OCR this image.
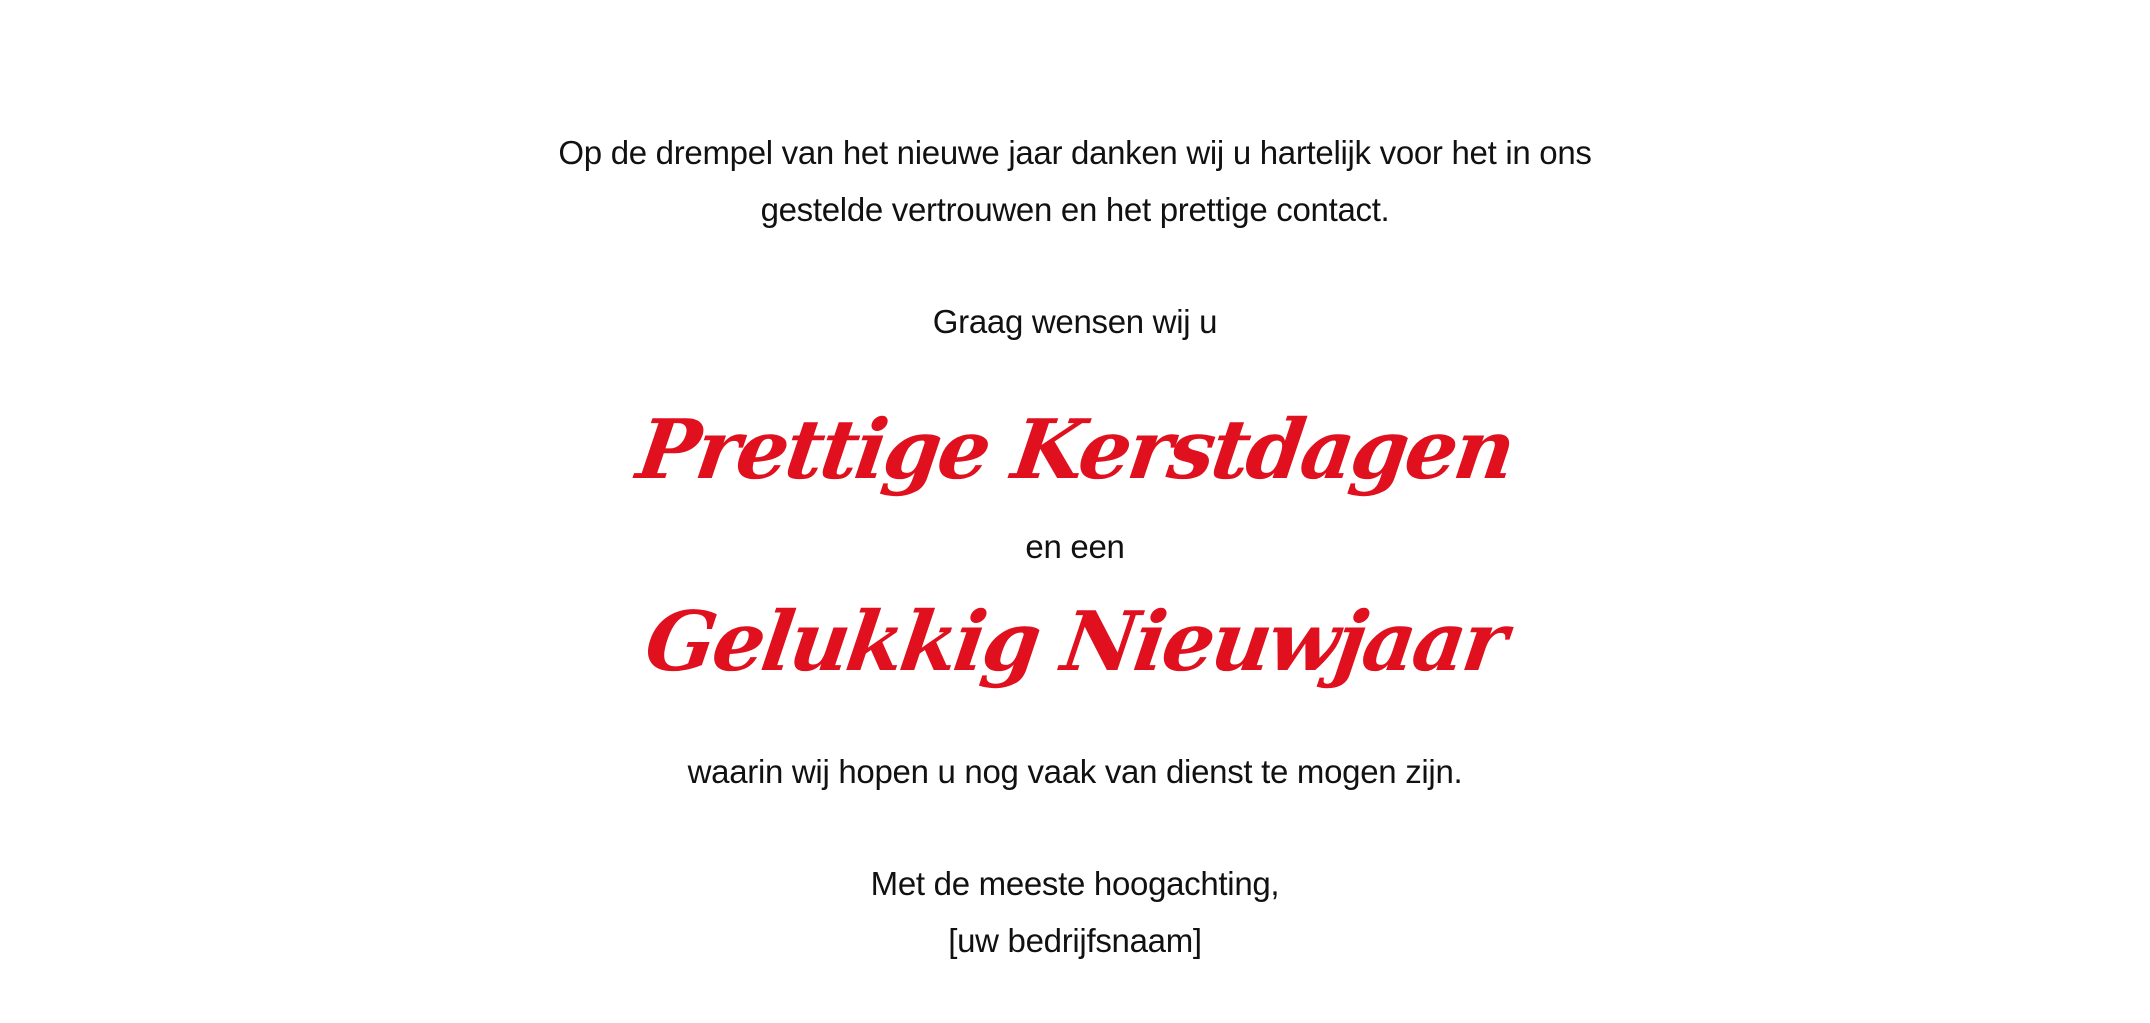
Op de drempel van het nieuwe jaar danken wij u hartelijk voor het in ons
gestelde vertrouwen en het prettige contact.
Graag wensen wij u
Prettige Kerstdagen
en een
Gelukkig Nieuwjaar
waarin wij hopen u nog vaak van dienst te mogen zijn.
Met de meeste hoogachting,
[uw bedrijfsnaam]
